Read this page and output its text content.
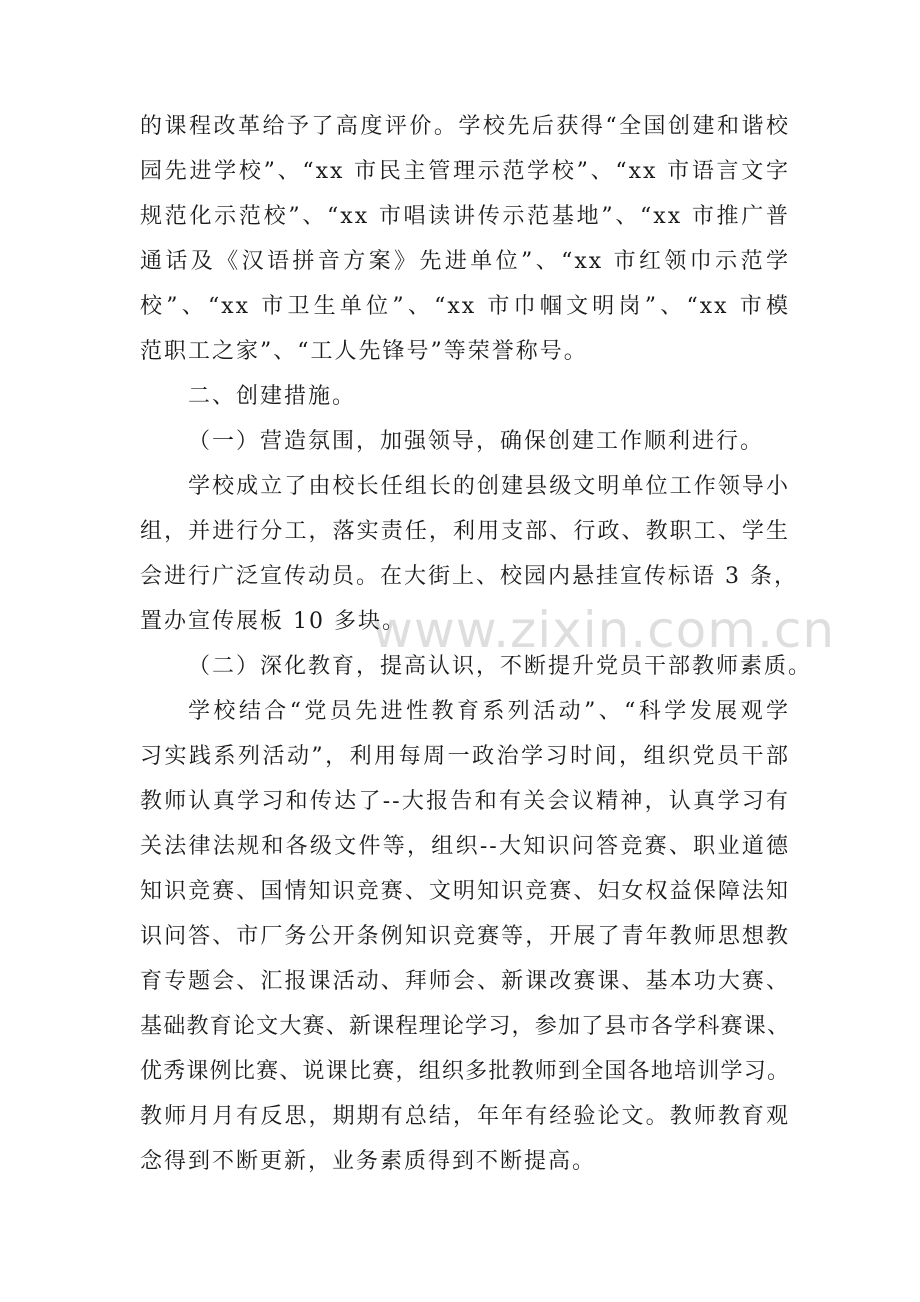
www.zixin.com.cn
的课程改革给予了高度评价。学校先后获得“全国创建和谐校
园先进学校”、“xx 市民主管理示范学校”、“xx 市语言文字
规范化示范校”、“xx 市唱读讲传示范基地”、“xx 市推广普
通话及《汉语拼音方案》先进单位”、“xx 市红领巾示范学
校”、“xx 市卫生单位”、“xx 市巾帼文明岗”、“xx 市模
范职工之家”、“工人先锋号”等荣誉称号。
二、创建措施。
（一）营造氛围，加强领导，确保创建工作顺利进行。
学校成立了由校长任组长的创建县级文明单位工作领导小
组，并进行分工，落实责任，利用支部、行政、教职工、学生
会进行广泛宣传动员。在大街上、校园内悬挂宣传标语 3 条，
置办宣传展板 10 多块。
（二）深化教育，提高认识，不断提升党员干部教师素质。
学校结合“党员先进性教育系列活动”、“科学发展观学
习实践系列活动”，利用每周一政治学习时间，组织党员干部
教师认真学习和传达了--大报告和有关会议精神，认真学习有
关法律法规和各级文件等，组织--大知识问答竞赛、职业道德
知识竞赛、国情知识竞赛、文明知识竞赛、妇女权益保障法知
识问答、市厂务公开条例知识竞赛等，开展了青年教师思想教
育专题会、汇报课活动、拜师会、新课改赛课、基本功大赛、
基础教育论文大赛、新课程理论学习，参加了县市各学科赛课、
优秀课例比赛、说课比赛，组织多批教师到全国各地培训学习。
教师月月有反思，期期有总结，年年有经验论文。教师教育观
念得到不断更新，业务素质得到不断提高。
